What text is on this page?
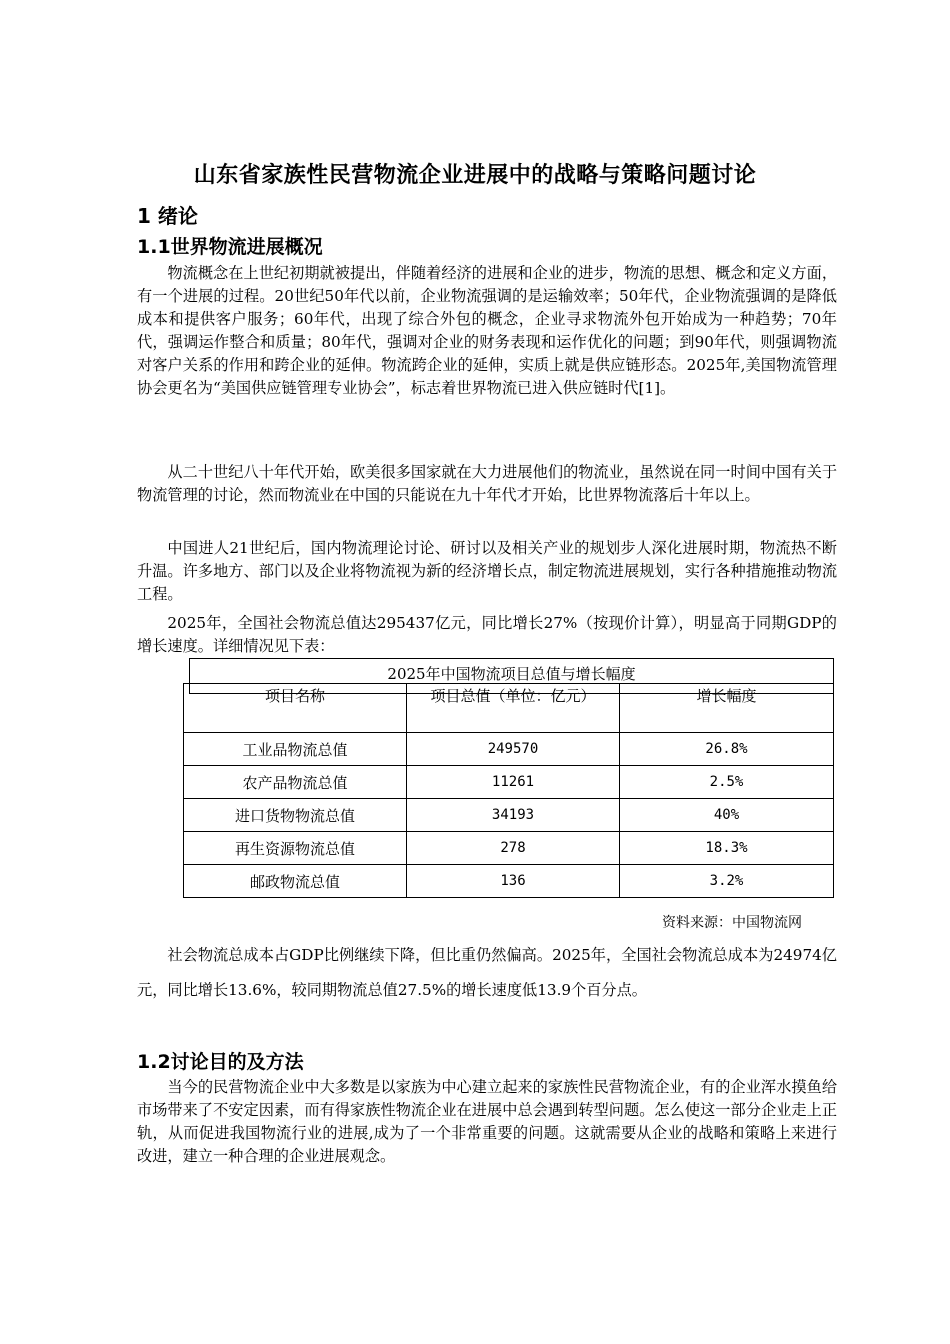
山东省家族性民营物流企业进展中的战略与策略问题讨论
1 绪论
1.1世界物流进展概况

物流概念在上世纪初期就被提出，伴随着经济的进展和企业的进步，物流的思想、概念和定义方面，有一个进展的过程。20世纪50年代以前，企业物流强调的是运输效率；50年代，企业物流强调的是降低成本和提供客户服务；60年代，出现了综合外包的概念，企业寻求物流外包开始成为一种趋势；70年代，强调运作整合和质量；80年代，强调对企业的财务表现和运作优化的问题；到90年代，则强调物流对客户关系的作用和跨企业的延伸。物流跨企业的延伸，实质上就是供应链形态。2025年,美国物流管理协会更名为“美国供应链管理专业协会”，标志着世界物流已进入供应链时代[1]。

从二十世纪八十年代开始，欧美很多国家就在大力进展他们的物流业，虽然说在同一时间中国有关于物流管理的讨论，然而物流业在中国的只能说在九十年代才开始，比世界物流落后十年以上。

中国进人21世纪后，国内物流理论讨论、研讨以及相关产业的规划步人深化进展时期，物流热不断升温。许多地方、部门以及企业将物流视为新的经济增长点，制定物流进展规划，实行各种措施推动物流工程。

2025年，全国社会物流总值达295437亿元，同比增长27%（按现价计算），明显高于同期GDP的增长速度。详细情况见下表：

2025年中国物流项目总值与增长幅度
项目名称	项目总值（单位：亿元）	增长幅度
工业品物流总值	249570	26.8%
农产品物流总值	11261	2.5%
进口货物物流总值	34193	40%
再生资源物流总值	278	18.3%
邮政物流总值	136	3.2%
资料来源：中国物流网

社会物流总成本占GDP比例继续下降，但比重仍然偏高。2025年，全国社会物流总成本为24974亿元，同比增长13.6%，较同期物流总值27.5%的增长速度低13.9个百分点。

1.2讨论目的及方法

当今的民营物流企业中大多数是以家族为中心建立起来的家族性民营物流企业，有的企业浑水摸鱼给市场带来了不安定因素，而有得家族性物流企业在进展中总会遇到转型问题。怎么使这一部分企业走上正轨，从而促进我国物流行业的进展,成为了一个非常重要的问题。这就需要从企业的战略和策略上来进行改进，建立一种合理的企业进展观念。
